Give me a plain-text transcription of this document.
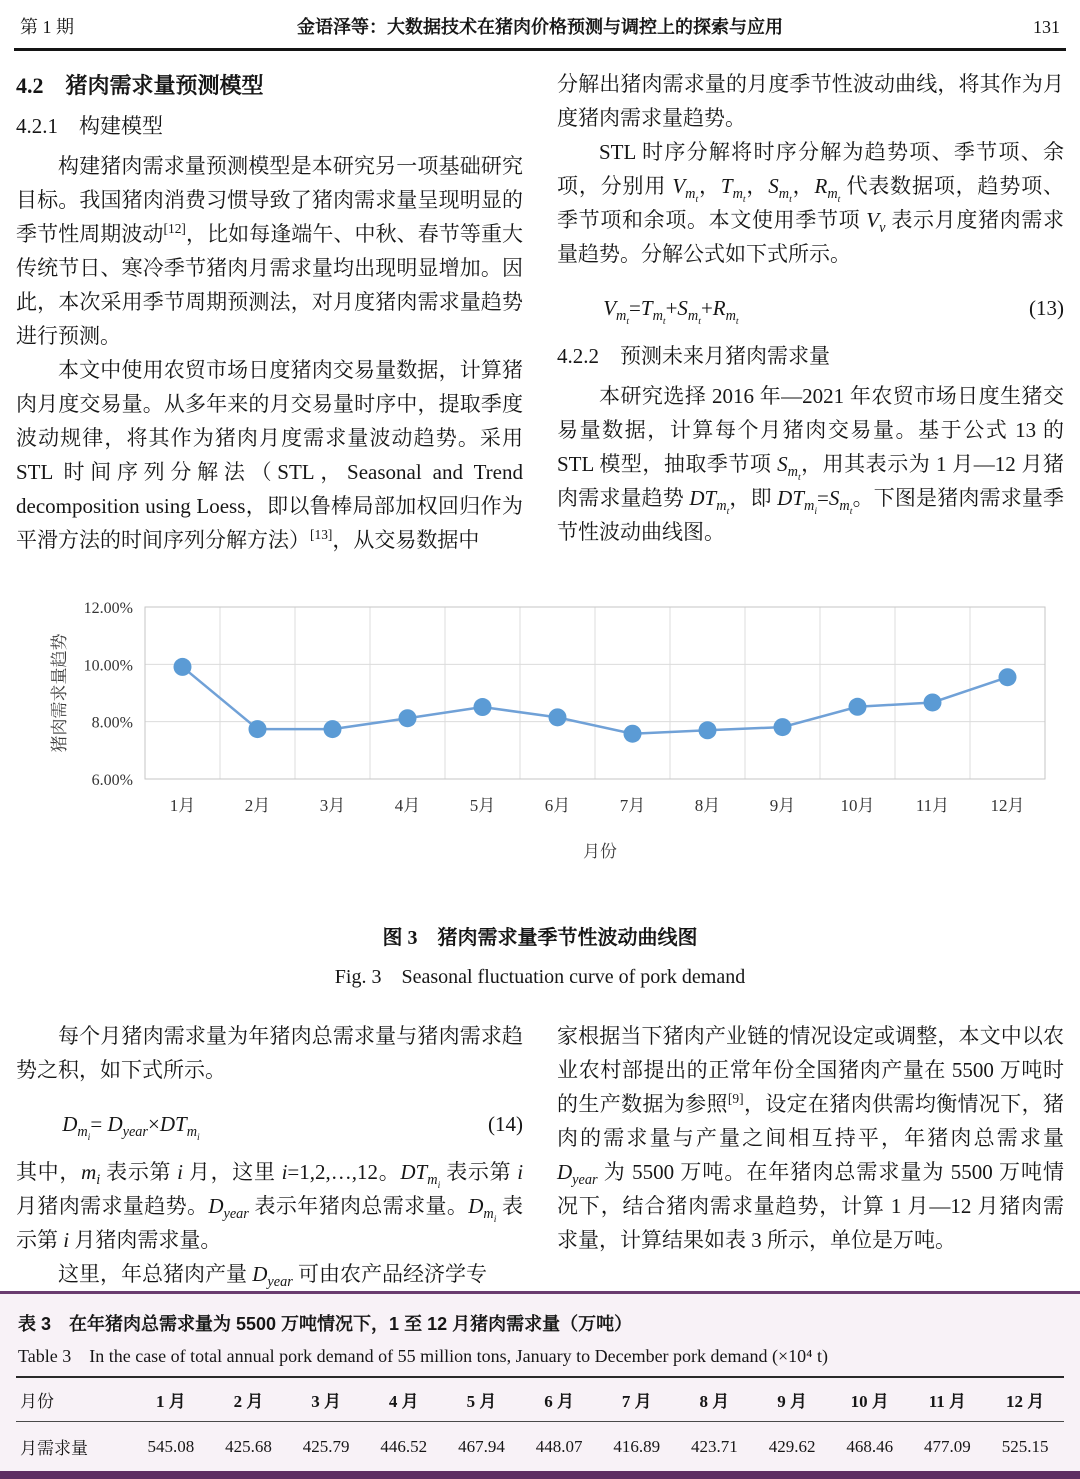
第 1 期	金语泽等：大数据技术在猪肉价格预测与调控上的探索与应用	131
4.2　猪肉需求量预测模型
4.2.1　构建模型

构建猪肉需求量预测模型是本研究另一项基础研究目标。我国猪肉消费习惯导致了猪肉需求量呈现明显的季节性周期波动[12]，比如每逢端午、中秋、春节等重大传统节日、寒冷季节猪肉月需求量均出现明显增加。因此，本次采用季节周期预测法，对月度猪肉需求量趋势进行预测。

本文中使用农贸市场日度猪肉交易量数据，计算猪肉月度交易量。从多年来的月交易量时序中，提取季度波动规律，将其作为猪肉月度需求量波动趋势。采用 STL 时间序列分解法（STL，Seasonal and Trend decomposition using Loess，即以鲁棒局部加权回归作为平滑方法的时间序列分解方法）[13]，从交易数据中

分解出猪肉需求量的月度季节性波动曲线，将其作为月度猪肉需求量趋势。

STL 时序分解将时序分解为趋势项、季节项、余项，分别用 $V_{m_t}$，$T_{m_t}$，$S_{m_t}$，$R_{m_t}$ 代表数据项，趋势项、季节项和余项。本文使用季节项 $V_v$ 表示月度猪肉需求量趋势。分解公式如下式所示。

$V_{m_t}=T_{m_t}+S_{m_t}+R_{m_t}$
(13)
4.2.2　预测未来月猪肉需求量

本研究选择 2016 年—2021 年农贸市场日度生猪交易量数据，计算每个月猪肉交易量。基于公式 13 的 STL 模型，抽取季节项 $S_{m_t}$，用其表示为 1 月—12 月猪肉需求量趋势 $DT_{m_t}$，即 $DT_{m_i}=S_{m_t}$。下图是猪肉需求量季节性波动曲线图。

6.00%
8.00%
10.00%
12.00%
1月	2月	3月	4月	5月	6月	7月	8月	9月	10月 11月 12月
猪肉需求量趋势
月份
图 3　猪肉需求量季节性波动曲线图
Fig. 3　Seasonal fluctuation curve of pork demand

每个月猪肉需求量为年猪肉总需求量与猪肉需求趋势之积，如下式所示。

$D_{m_i}= D_{year}\times DT_{m_i}$
(14)

其中，$m_i$ 表示第 i 月，这里 i=1,2,…,12。$DT_{m_i}$ 表示第 i 月猪肉需求量趋势。$D_{year}$ 表示年猪肉总需求量。$D_{m_i}$ 表示第 i 月猪肉需求量。

这里，年总猪肉产量 $D_{year}$ 可由农产品经济学专

家根据当下猪肉产业链的情况设定或调整，本文中以农业农村部提出的正常年份全国猪肉产量在 5500 万吨时的生产数据为参照[9]，设定在猪肉供需均衡情况下，猪肉的需求量与产量之间相互持平，年猪肉总需求量 $D_{year}$ 为 5500 万吨。在年猪肉总需求量为 5500 万吨情况下，结合猪肉需求量趋势，计算 1 月—12 月猪肉需求量，计算结果如表 3 所示，单位是万吨。

表 3　在年猪肉总需求量为 5500 万吨情况下，1 至 12 月猪肉需求量（万吨）
Table 3　In the case of total annual pork demand of 55 million tons, January to December pork demand (×10⁴ t)
月份	1 月	2 月	3 月	4 月	5 月	6 月	7 月	8 月	9 月	10 月	11 月	12 月
月需求量	545.08	425.68	425.79	446.52	467.94	448.07	416.89	423.71	429.62	468.46	477.09	525.15
